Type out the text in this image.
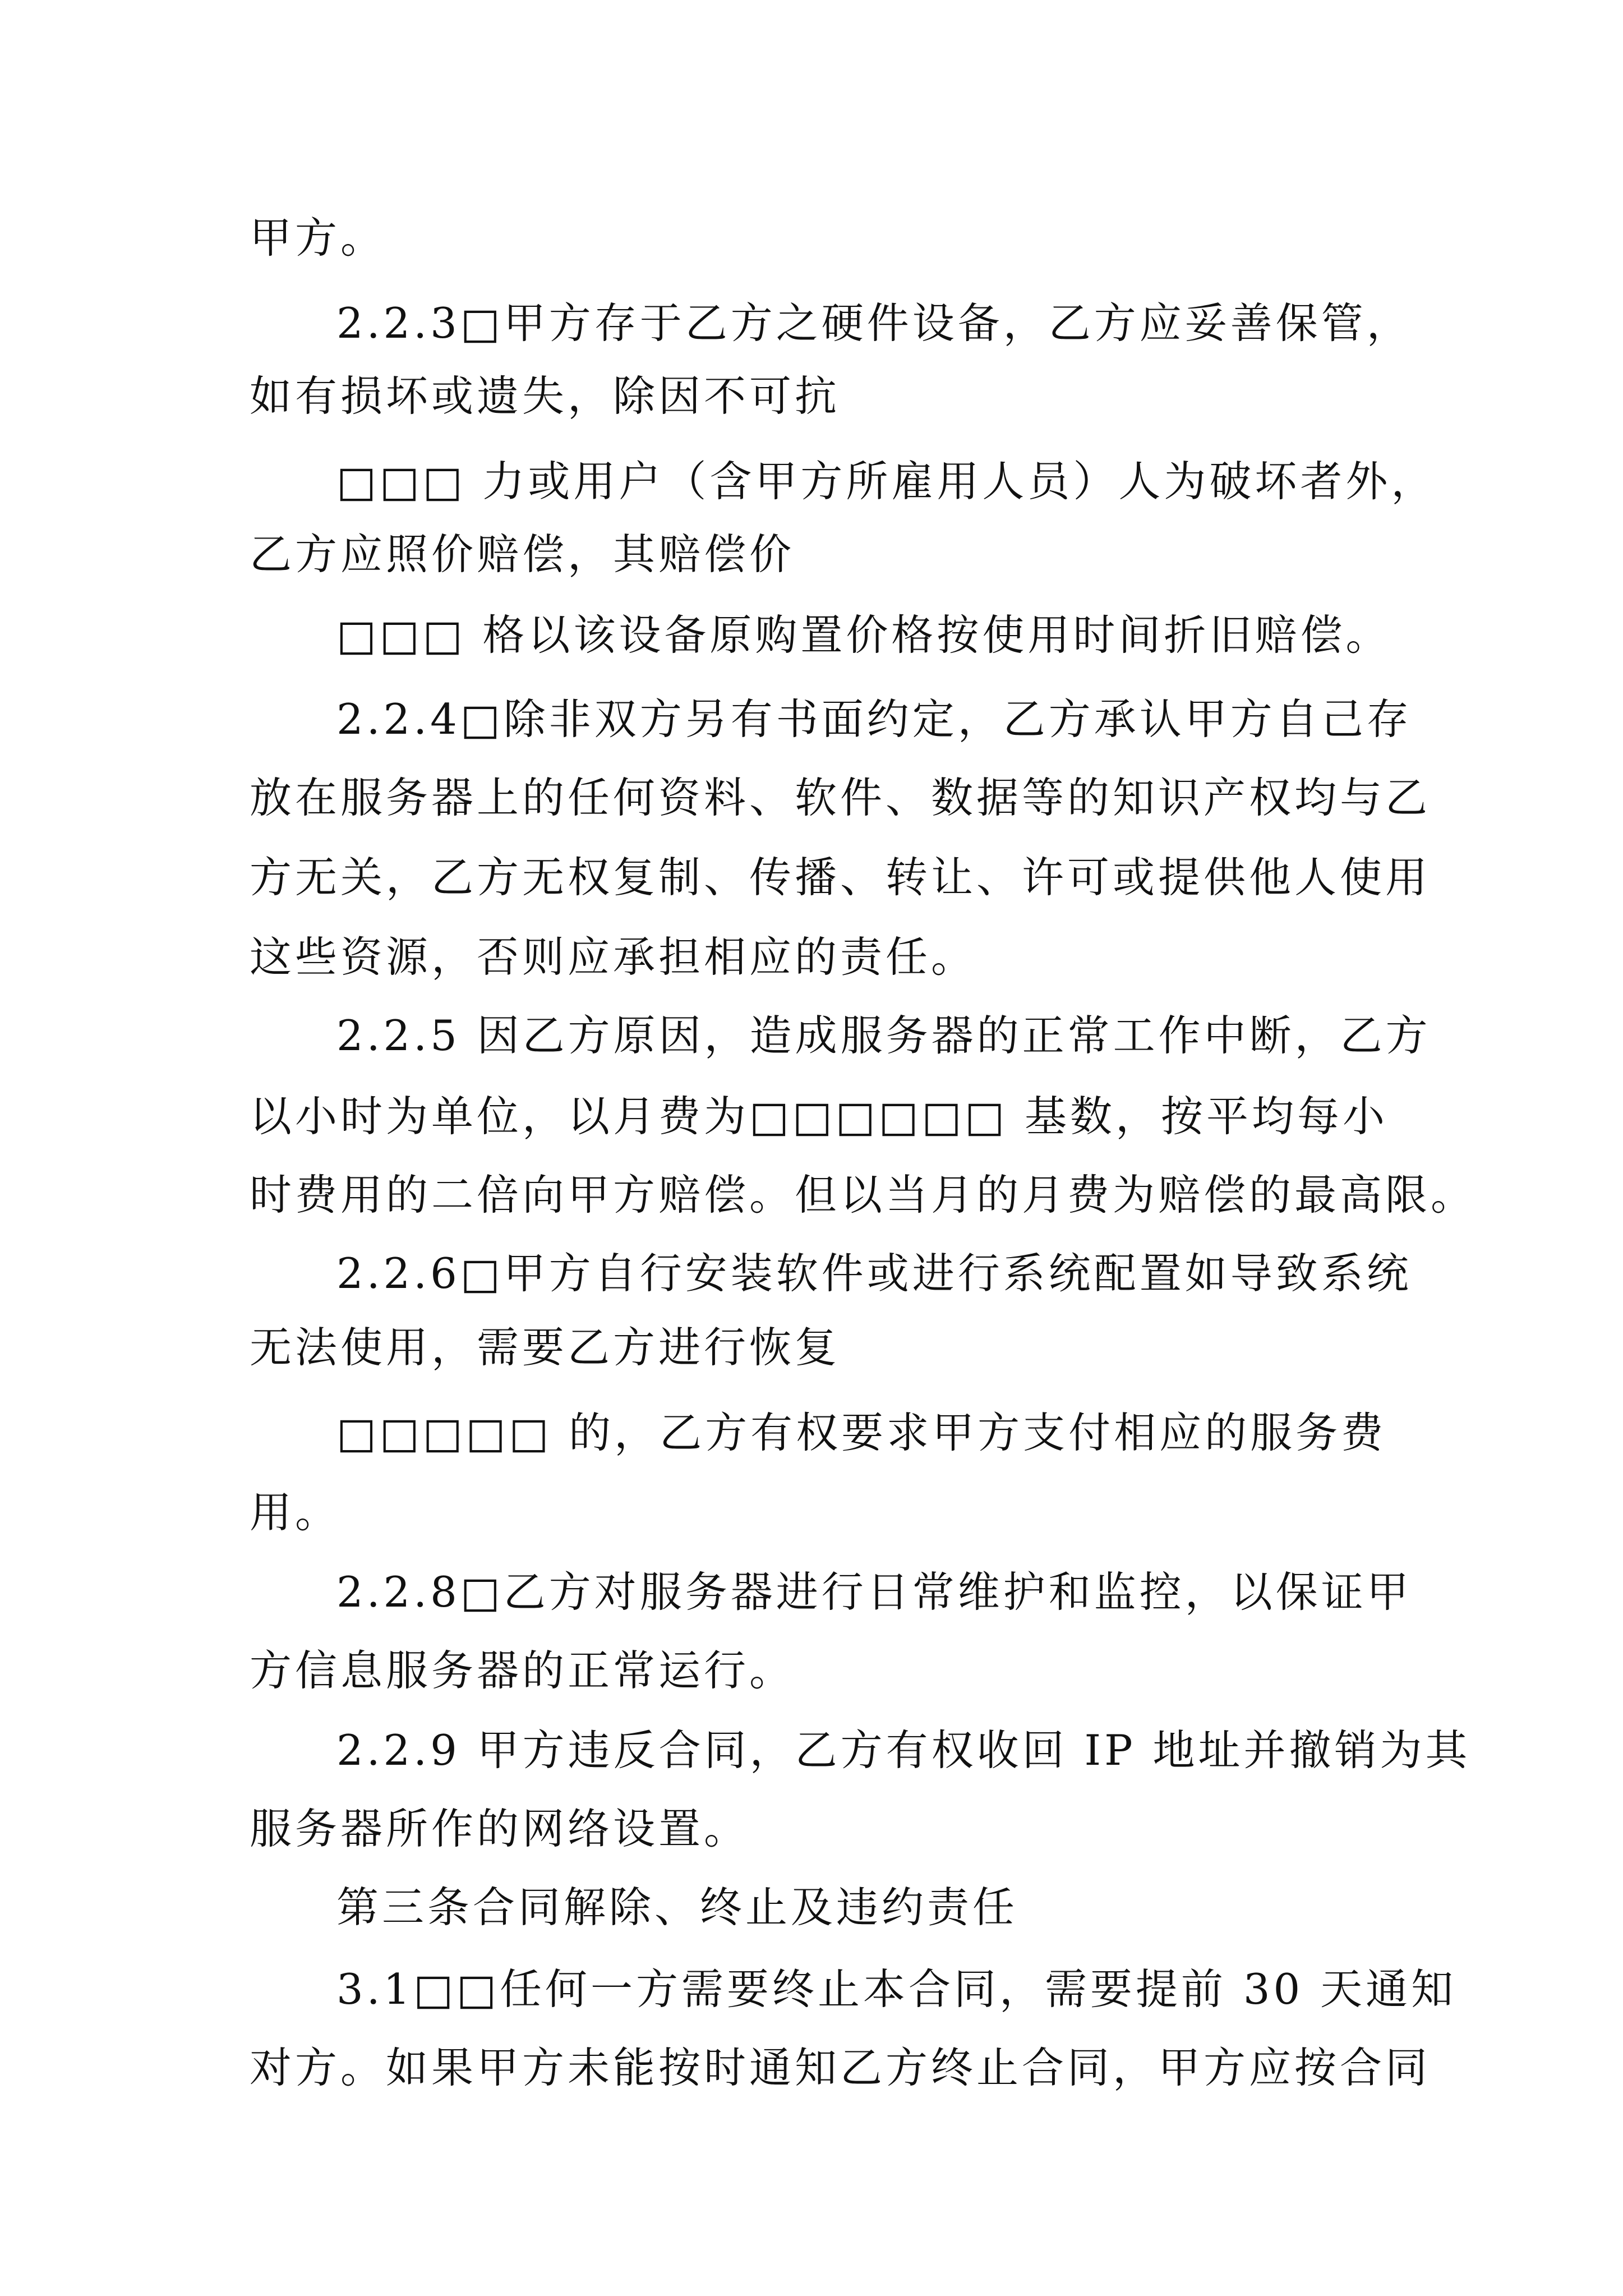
甲方。
2.2.3□甲方存于乙方之硬件设备，乙方应妥善保管，
如有损坏或遗失，除因不可抗
□□□ 力或用户（含甲方所雇用人员）人为破坏者外，
乙方应照价赔偿，其赔偿价
□□□ 格以该设备原购置价格按使用时间折旧赔偿。
2.2.4□除非双方另有书面约定，乙方承认甲方自己存
放在服务器上的任何资料、软件、数据等的知识产权均与乙
方无关，乙方无权复制、传播、转让、许可或提供他人使用
这些资源，否则应承担相应的责任。
2.2.5 因乙方原因，造成服务器的正常工作中断，乙方
以小时为单位，以月费为□□□□□□ 基数，按平均每小
时费用的二倍向甲方赔偿。但以当月的月费为赔偿的最高限。
2.2.6□甲方自行安装软件或进行系统配置如导致系统
无法使用，需要乙方进行恢复
□□□□□ 的，乙方有权要求甲方支付相应的服务费
用。
2.2.8□乙方对服务器进行日常维护和监控，以保证甲
方信息服务器的正常运行。
2.2.9 甲方违反合同，乙方有权收回 IP 地址并撤销为其
服务器所作的网络设置。
第三条合同解除、终止及违约责任
3.1□□任何一方需要终止本合同，需要提前 30 天通知
对方。如果甲方未能按时通知乙方终止合同，甲方应按合同
